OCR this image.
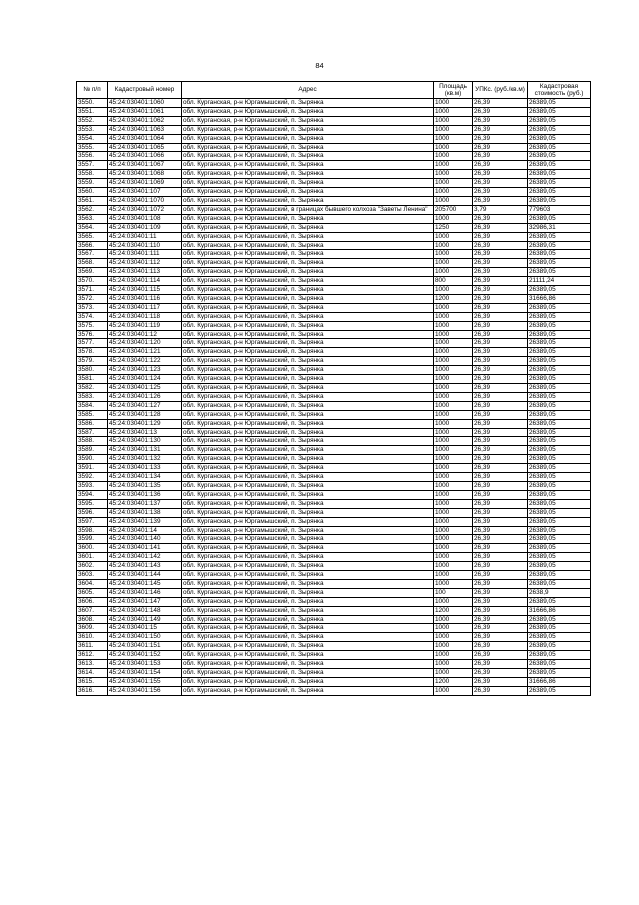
84
№ п/п	Кадастровый номер	Адрес	Площадь (кв.м)	УПКс. (руб./кв.м)	Кадастровая стоимость (руб.)
3550.	45:24:030401:1060	обл. Курганская, р-н Юргамышский, п. Зырянка	1000	26,39	26389,05
3551.	45:24:030401:1061	обл. Курганская, р-н Юргамышский, п. Зырянка	1000	26,39	26389,05
3552.	45:24:030401:1062	обл. Курганская, р-н Юргамышский, п. Зырянка	1000	26,39	26389,05
3553.	45:24:030401:1063	обл. Курганская, р-н Юргамышский, п. Зырянка	1000	26,39	26389,05
3554.	45:24:030401:1064	обл. Курганская, р-н Юргамышский, п. Зырянка	1000	26,39	26389,05
3555.	45:24:030401:1065	обл. Курганская, р-н Юргамышский, п. Зырянка	1000	26,39	26389,05
3556.	45:24:030401:1066	обл. Курганская, р-н Юргамышский, п. Зырянка	1000	26,39	26389,05
3557.	45:24:030401:1067	обл. Курганская, р-н Юргамышский, п. Зырянка	1000	26,39	26389,05
3558.	45:24:030401:1068	обл. Курганская, р-н Юргамышский, п. Зырянка	1000	26,39	26389,05
3559.	45:24:030401:1069	обл. Курганская, р-н Юргамышский, п. Зырянка	1000	26,39	26389,05
3560.	45:24:030401:107	обл. Курганская, р-н Юргамышский, п. Зырянка	1000	26,39	26389,05
3561.	45:24:030401:1070	обл. Курганская, р-н Юргамышский, п. Зырянка	1000	26,39	26389,05
3562.	45:24:030401:1072	обл. Курганская, р-н Юргамышский, в границах бывшего колхоза "Заветы Ленина"	205700	3,79	779603
3563.	45:24:030401:108	обл. Курганская, р-н Юргамышский, п. Зырянка	1000	26,39	26389,05
3564.	45:24:030401:109	обл. Курганская, р-н Юргамышский, п. Зырянка	1250	26,39	32986,31
3565.	45:24:030401:11	обл. Курганская, р-н Юргамышский, п. Зырянка	1000	26,39	26389,05
3566.	45:24:030401:110	обл. Курганская, р-н Юргамышский, п. Зырянка	1000	26,39	26389,05
3567.	45:24:030401:111	обл. Курганская, р-н Юргамышский, п. Зырянка	1000	26,39	26389,05
3568.	45:24:030401:112	обл. Курганская, р-н Юргамышский, п. Зырянка	1000	26,39	26389,05
3569.	45:24:030401:113	обл. Курганская, р-н Юргамышский, п. Зырянка	1000	26,39	26389,05
3570.	45:24:030401:114	обл. Курганская, р-н Юргамышский, п. Зырянка	800	26,39	21111,24
3571.	45:24:030401:115	обл. Курганская, р-н Юргамышский, п. Зырянка	1000	26,39	26389,05
3572.	45:24:030401:116	обл. Курганская, р-н Юргамышский, п. Зырянка	1200	26,39	31666,86
3573.	45:24:030401:117	обл. Курганская, р-н Юргамышский, п. Зырянка	1000	26,39	26389,05
3574.	45:24:030401:118	обл. Курганская, р-н Юргамышский, п. Зырянка	1000	26,39	26389,05
3575.	45:24:030401:119	обл. Курганская, р-н Юргамышский, п. Зырянка	1000	26,39	26389,05
3576.	45:24:030401:12	обл. Курганская, р-н Юргамышский, п. Зырянка	1000	26,39	26389,05
3577.	45:24:030401:120	обл. Курганская, р-н Юргамышский, п. Зырянка	1000	26,39	26389,05
3578.	45:24:030401:121	обл. Курганская, р-н Юргамышский, п. Зырянка	1000	26,39	26389,05
3579.	45:24:030401:122	обл. Курганская, р-н Юргамышский, п. Зырянка	1000	26,39	26389,05
3580.	45:24:030401:123	обл. Курганская, р-н Юргамышский, п. Зырянка	1000	26,39	26389,05
3581.	45:24:030401:124	обл. Курганская, р-н Юргамышский, п. Зырянка	1000	26,39	26389,05
3582.	45:24:030401:125	обл. Курганская, р-н Юргамышский, п. Зырянка	1000	26,39	26389,05
3583.	45:24:030401:126	обл. Курганская, р-н Юргамышский, п. Зырянка	1000	26,39	26389,05
3584.	45:24:030401:127	обл. Курганская, р-н Юргамышский, п. Зырянка	1000	26,39	26389,05
3585.	45:24:030401:128	обл. Курганская, р-н Юргамышский, п. Зырянка	1000	26,39	26389,05
3586.	45:24:030401:129	обл. Курганская, р-н Юргамышский, п. Зырянка	1000	26,39	26389,05
3587.	45:24:030401:13	обл. Курганская, р-н Юргамышский, п. Зырянка	1000	26,39	26389,05
3588.	45:24:030401:130	обл. Курганская, р-н Юргамышский, п. Зырянка	1000	26,39	26389,05
3589.	45:24:030401:131	обл. Курганская, р-н Юргамышский, п. Зырянка	1000	26,39	26389,05
3590.	45:24:030401:132	обл. Курганская, р-н Юргамышский, п. Зырянка	1000	26,39	26389,05
3591.	45:24:030401:133	обл. Курганская, р-н Юргамышский, п. Зырянка	1000	26,39	26389,05
3592.	45:24:030401:134	обл. Курганская, р-н Юргамышский, п. Зырянка	1000	26,39	26389,05
3593.	45:24:030401:135	обл. Курганская, р-н Юргамышский, п. Зырянка	1000	26,39	26389,05
3594.	45:24:030401:136	обл. Курганская, р-н Юргамышский, п. Зырянка	1000	26,39	26389,05
3595.	45:24:030401:137	обл. Курганская, р-н Юргамышский, п. Зырянка	1000	26,39	26389,05
3596.	45:24:030401:138	обл. Курганская, р-н Юргамышский, п. Зырянка	1000	26,39	26389,05
3597.	45:24:030401:139	обл. Курганская, р-н Юргамышский, п. Зырянка	1000	26,39	26389,05
3598.	45:24:030401:14	обл. Курганская, р-н Юргамышский, п. Зырянка	1000	26,39	26389,05
3599.	45:24:030401:140	обл. Курганская, р-н Юргамышский, п. Зырянка	1000	26,39	26389,05
3600.	45:24:030401:141	обл. Курганская, р-н Юргамышский, п. Зырянка	1000	26,39	26389,05
3601.	45:24:030401:142	обл. Курганская, р-н Юргамышский, п. Зырянка	1000	26,39	26389,05
3602.	45:24:030401:143	обл. Курганская, р-н Юргамышский, п. Зырянка	1000	26,39	26389,05
3603.	45:24:030401:144	обл. Курганская, р-н Юргамышский, п. Зырянка	1000	26,39	26389,05
3604.	45:24:030401:145	обл. Курганская, р-н Юргамышский, п. Зырянка	1000	26,39	26389,05
3605.	45:24:030401:146	обл. Курганская, р-н Юргамышский, п. Зырянка	100	26,39	2638,9
3606.	45:24:030401:147	обл. Курганская, р-н Юргамышский, п. Зырянка	1000	26,39	26389,05
3607.	45:24:030401:148	обл. Курганская, р-н Юргамышский, п. Зырянка	1200	26,39	31666,86
3608.	45:24:030401:149	обл. Курганская, р-н Юргамышский, п. Зырянка	1000	26,39	26389,05
3609.	45:24:030401:15	обл. Курганская, р-н Юргамышский, п. Зырянка	1000	26,39	26389,05
3610.	45:24:030401:150	обл. Курганская, р-н Юргамышский, п. Зырянка	1000	26,39	26389,05
3611.	45:24:030401:151	обл. Курганская, р-н Юргамышский, п. Зырянка	1000	26,39	26389,05
3612.	45:24:030401:152	обл. Курганская, р-н Юргамышский, п. Зырянка	1000	26,39	26389,05
3613.	45:24:030401:153	обл. Курганская, р-н Юргамышский, п. Зырянка	1000	26,39	26389,05
3614.	45:24:030401:154	обл. Курганская, р-н Юргамышский, п. Зырянка	1000	26,39	26389,05
3615.	45:24:030401:155	обл. Курганская, р-н Юргамышский, п. Зырянка	1200	26,39	31666,86
3616.	45:24:030401:156	обл. Курганская, р-н Юргамышский, п. Зырянка	1000	26,39	26389,05
